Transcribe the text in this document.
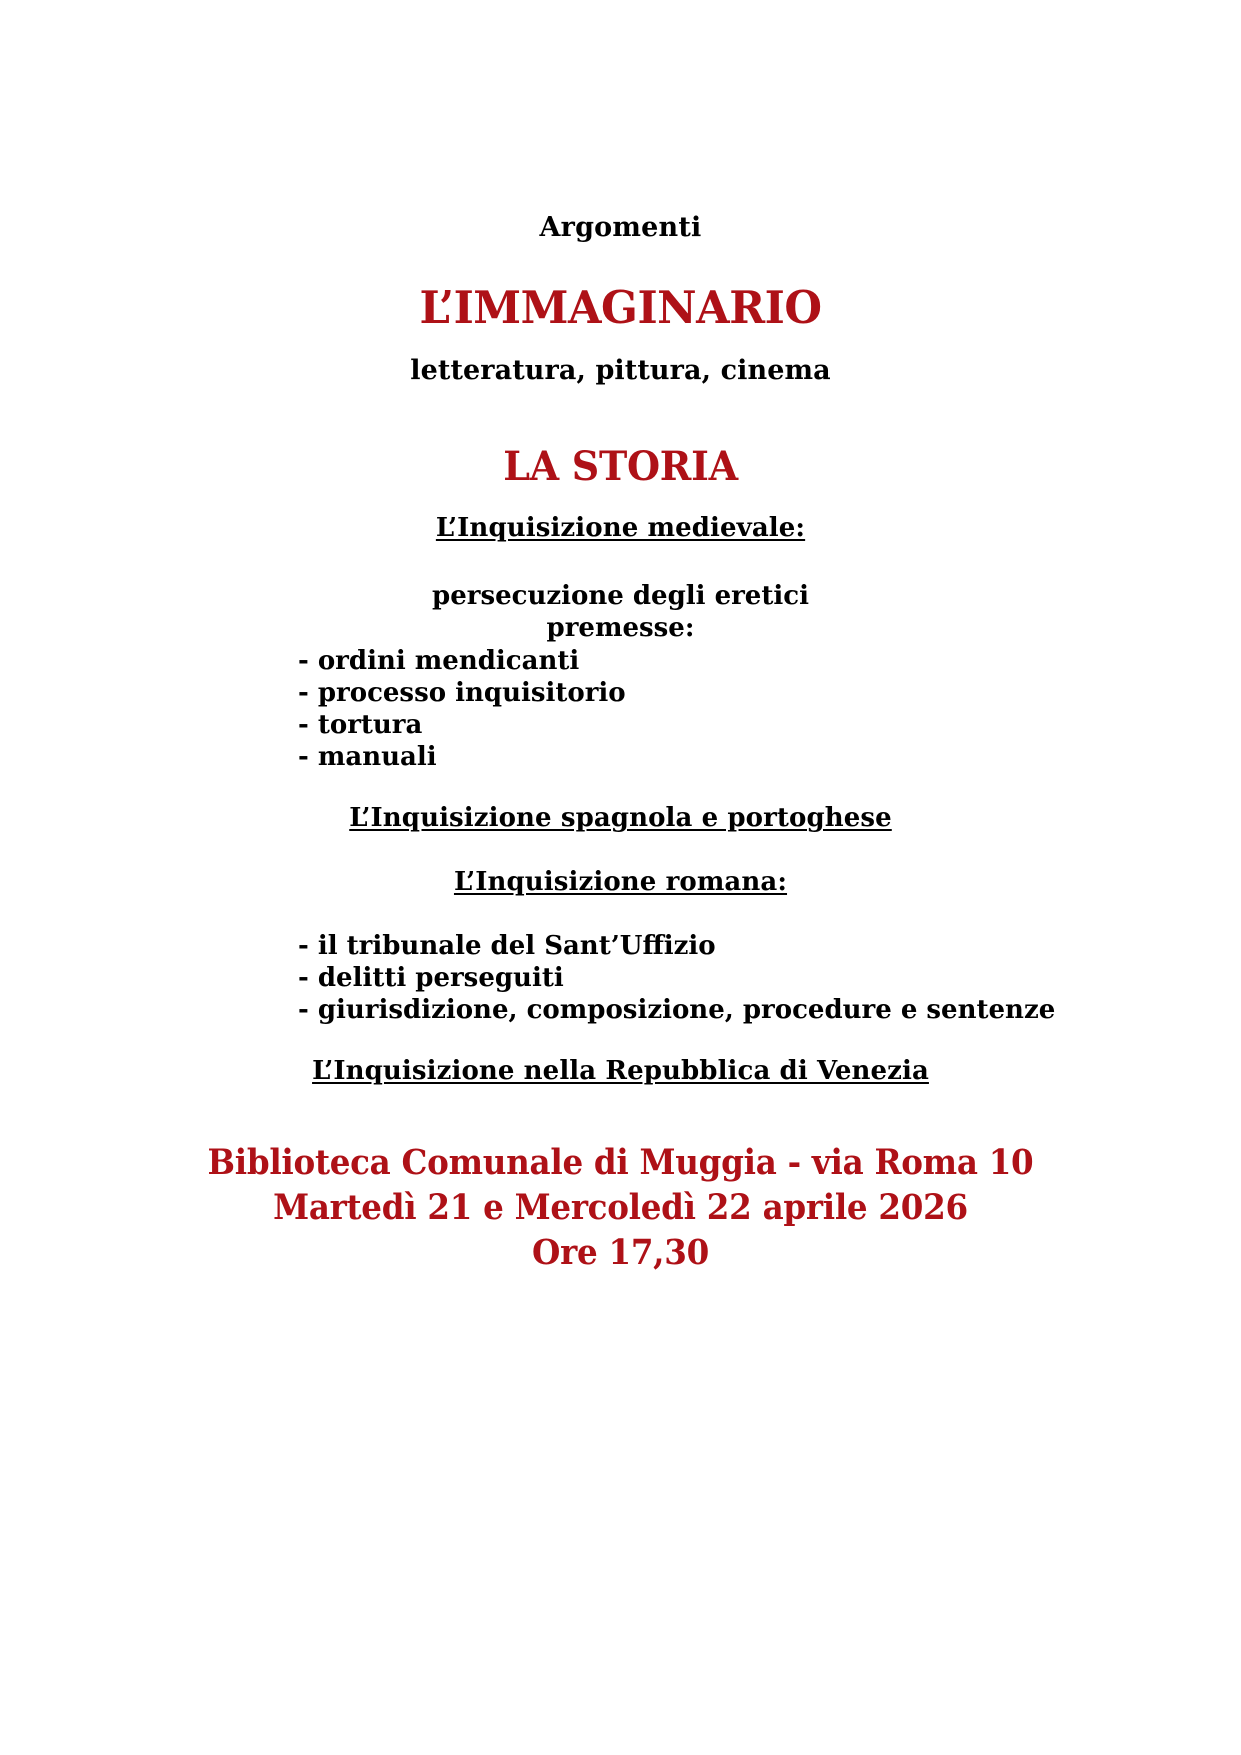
Argomenti
L’IMMAGINARIO
letteratura, pittura, cinema
LA STORIA
L’Inquisizione medievale:
persecuzione degli eretici
premesse:
- ordini mendicanti
- processo inquisitorio
- tortura
- manuali
L’Inquisizione spagnola e portoghese
L’Inquisizione romana:
- il tribunale del Sant’Uffizio
- delitti perseguiti
- giurisdizione, composizione, procedure e sentenze
L’Inquisizione nella Repubblica di Venezia
Biblioteca Comunale di Muggia - via Roma 10
Martedì 21 e Mercoledì 22 aprile 2026
Ore 17,30
